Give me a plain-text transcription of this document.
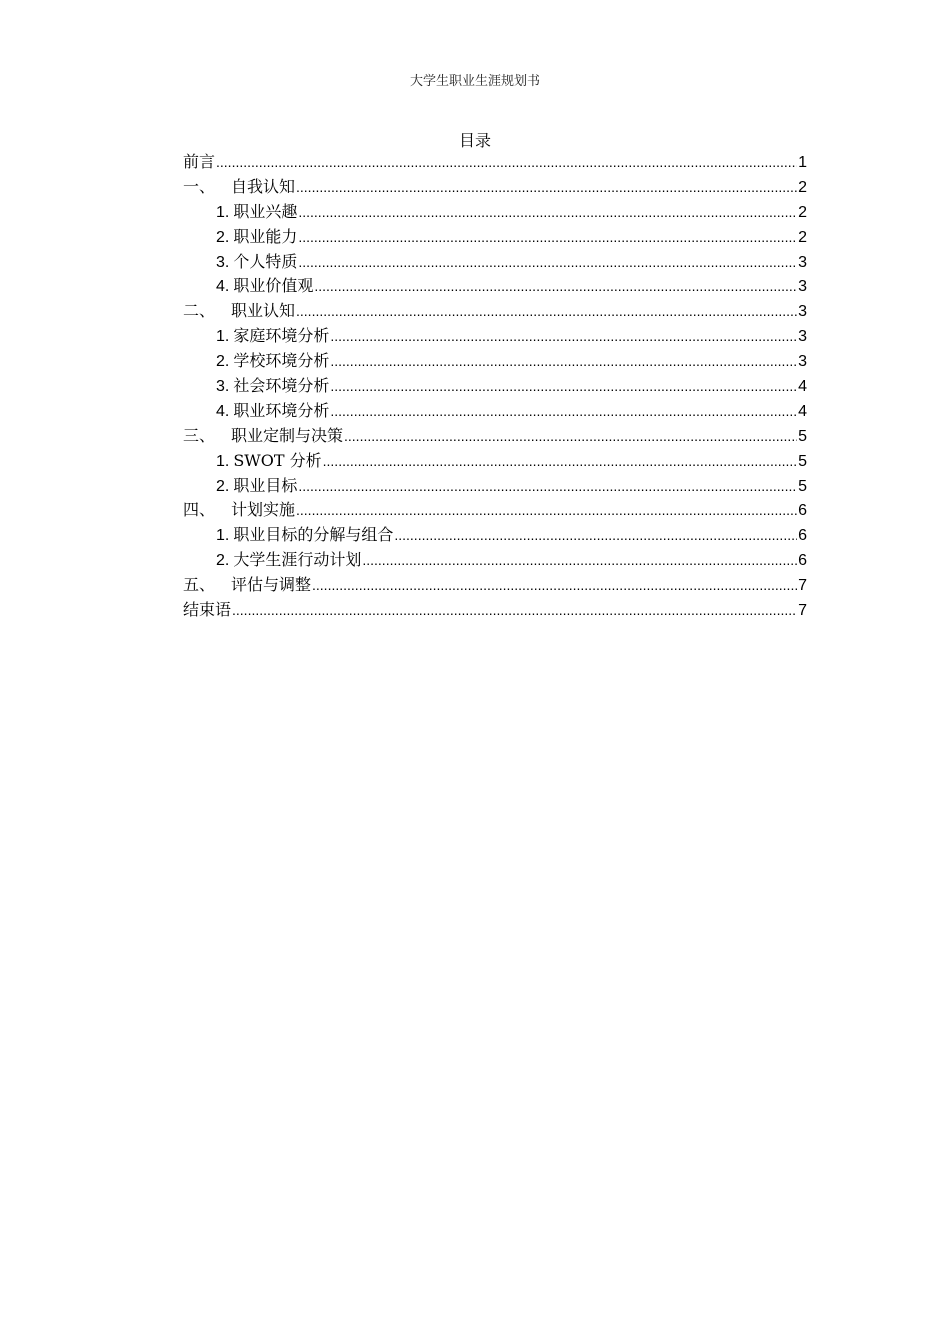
大学生职业生涯规划书
目录
前言 .....	1
一、 自我认知 .....	2
1. 职业兴趣 .....	2
2. 职业能力 .....	2
3. 个人特质 .....	3
4. 职业价值观 .....	3
二、 职业认知 .....	3
1. 家庭环境分析 .....	3
2. 学校环境分析 .....	3
3. 社会环境分析 .....	4
4. 职业环境分析 .....	4
三、 职业定制与决策 .....	5
1. SWOT 分析 .....	5
2. 职业目标 .....	5
四、 计划实施 .....	6
1. 职业目标的分解与组合 .....	6
2. 大学生涯行动计划 .....	6
五、 评估与调整 .....	7
结束语 .....	7
